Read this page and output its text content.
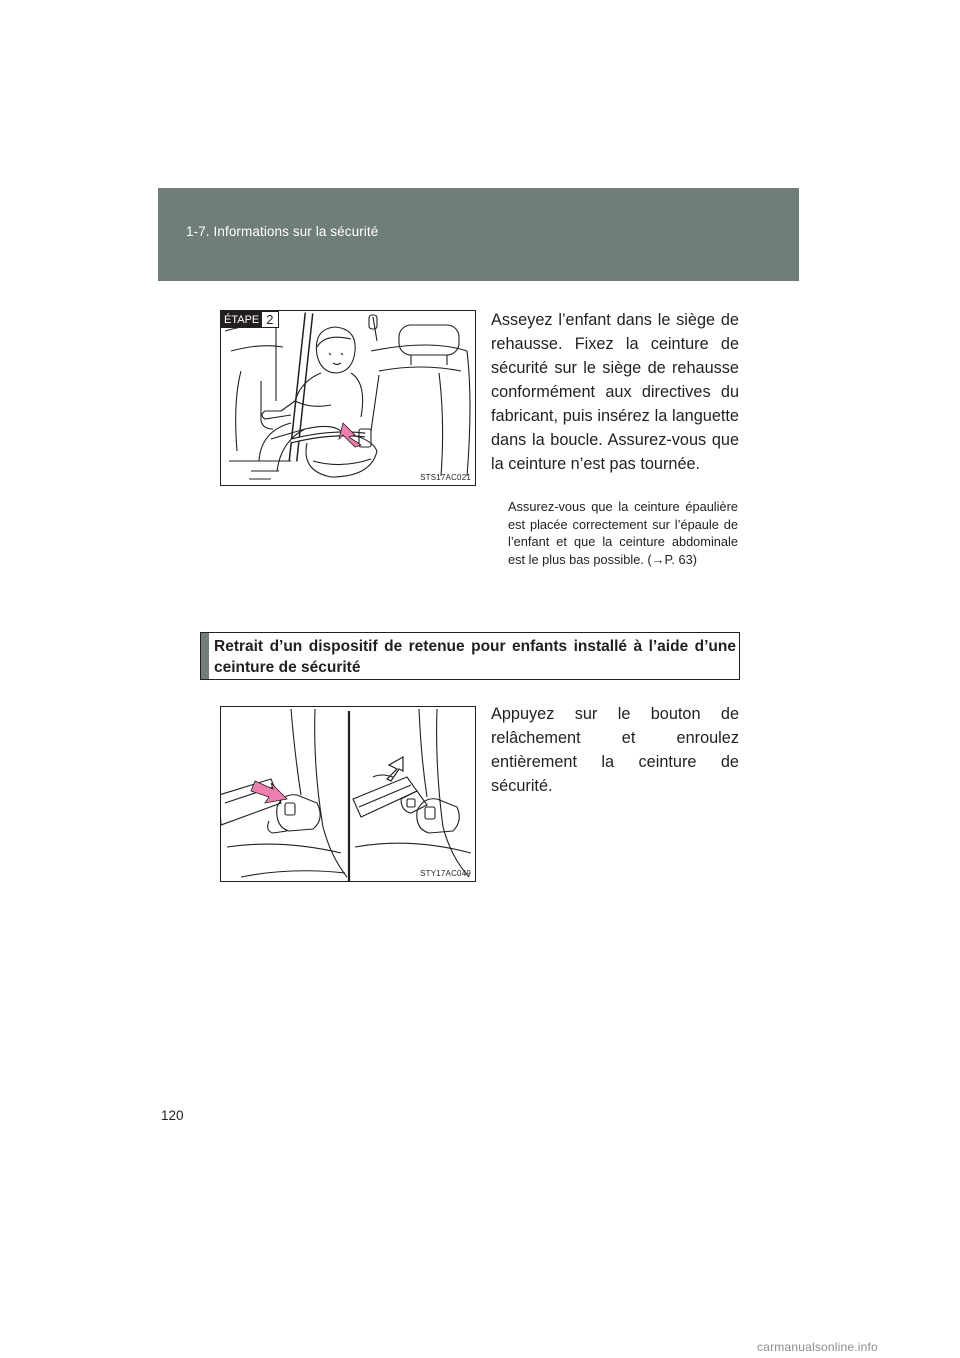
1-7. Informations sur la sécurité
ÉTAPE 2
STS17AC021
Asseyez l’enfant dans le siège de rehausse. Fixez la ceinture de sécurité sur le siège de rehausse conformément aux directives du fabricant, puis insérez la languette dans la boucle. Assurez-vous que la ceinture n’est pas tournée.
Assurez-vous que la ceinture épaulière est placée correctement sur l’épaule de l’enfant et que la ceinture abdominale est le plus bas possible. (→P. 63)
Retrait d’un dispositif de retenue pour enfants installé à l’aide d’une ceinture de sécurité
STY17AC049
Appuyez sur le bouton de relâchement et enroulez entièrement la ceinture de sécurité.
120
carmanualsonline.info
